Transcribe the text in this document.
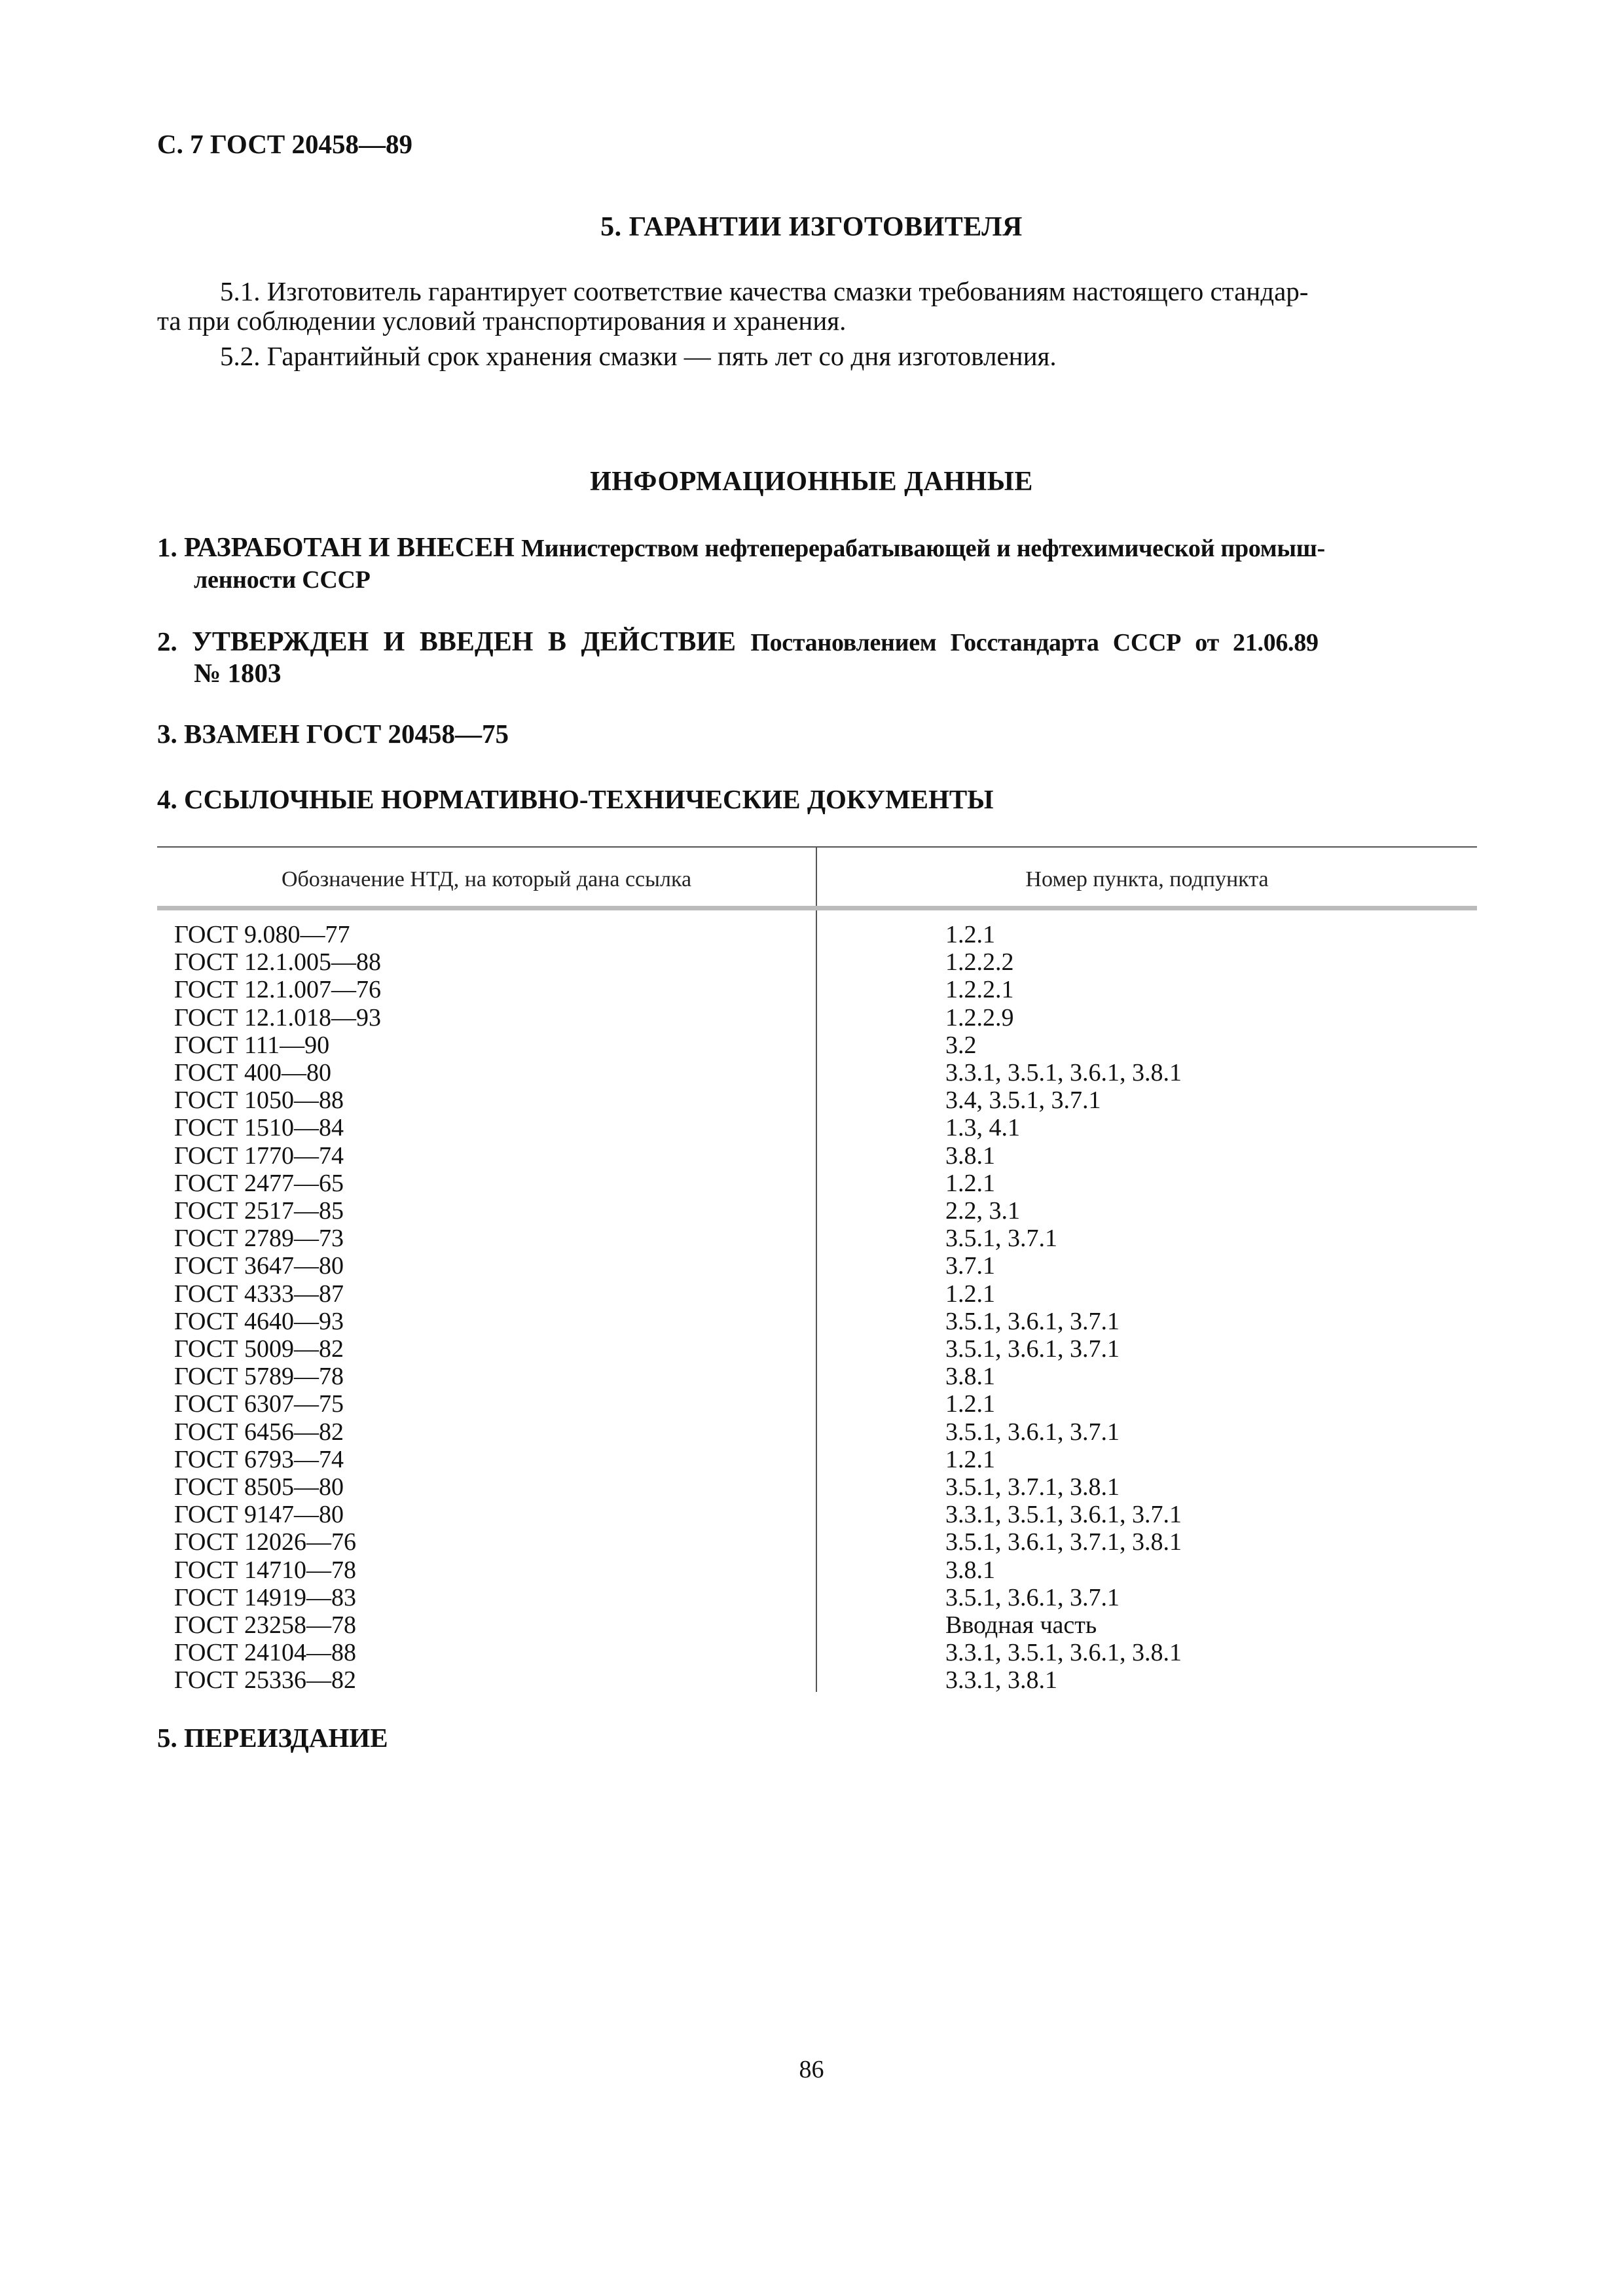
С. 7 ГОСТ 20458—89
5. ГАРАНТИИ ИЗГОТОВИТЕЛЯ
5.1. Изготовитель гарантирует соответствие качества смазки требованиям настоящего стандар-
та при соблюдении условий транспортирования и хранения.
5.2. Гарантийный срок хранения смазки — пять лет со дня изготовления.
ИНФОРМАЦИОННЫЕ ДАННЫЕ
1. РАЗРАБОТАН И ВНЕСЕН Министерством нефтеперерабатывающей и нефтехимической промыш-
ленности СССР
2. УТВЕРЖДЕН И ВВЕДЕН В ДЕЙСТВИЕ Постановлением Госстандарта СССР от 21.06.89
№ 1803
3. ВЗАМЕН ГОСТ 20458—75
4. ССЫЛОЧНЫЕ НОРМАТИВНО-ТЕХНИЧЕСКИЕ ДОКУМЕНТЫ
Обозначение НТД, на который дана ссылка	Номер пункта, подпункта
ГОСТ 9.080—77	1.2.1
ГОСТ 12.1.005—88	1.2.2.2
ГОСТ 12.1.007—76	1.2.2.1
ГОСТ 12.1.018—93	1.2.2.9
ГОСТ 111—90	3.2
ГОСТ 400—80	3.3.1, 3.5.1, 3.6.1, 3.8.1
ГОСТ 1050—88	3.4, 3.5.1, 3.7.1
ГОСТ 1510—84	1.3, 4.1
ГОСТ 1770—74	3.8.1
ГОСТ 2477—65	1.2.1
ГОСТ 2517—85	2.2, 3.1
ГОСТ 2789—73	3.5.1, 3.7.1
ГОСТ 3647—80	3.7.1
ГОСТ 4333—87	1.2.1
ГОСТ 4640—93	3.5.1, 3.6.1, 3.7.1
ГОСТ 5009—82	3.5.1, 3.6.1, 3.7.1
ГОСТ 5789—78	3.8.1
ГОСТ 6307—75	1.2.1
ГОСТ 6456—82	3.5.1, 3.6.1, 3.7.1
ГОСТ 6793—74	1.2.1
ГОСТ 8505—80	3.5.1, 3.7.1, 3.8.1
ГОСТ 9147—80	3.3.1, 3.5.1, 3.6.1, 3.7.1
ГОСТ 12026—76	3.5.1, 3.6.1, 3.7.1, 3.8.1
ГОСТ 14710—78	3.8.1
ГОСТ 14919—83	3.5.1, 3.6.1, 3.7.1
ГОСТ 23258—78	Вводная часть
ГОСТ 24104—88	3.3.1, 3.5.1, 3.6.1, 3.8.1
ГОСТ 25336—82	3.3.1, 3.8.1
5. ПЕРЕИЗДАНИЕ
86
